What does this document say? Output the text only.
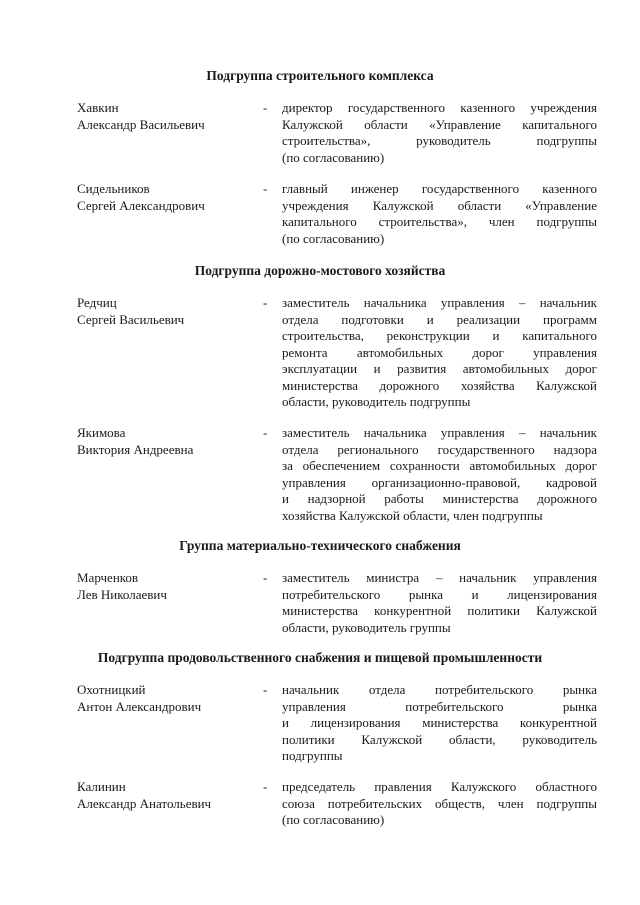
Подгруппа строительного комплекса
Хавкин
Александр Васильевич
- директор государственного казенного учреждения
Калужской области «Управление капитального
строительства», руководитель подгруппы
(по согласованию)
Сидельников
Сергей Александрович
- главный инженер государственного казенного
учреждения Калужской области «Управление
капитального строительства», член подгруппы
(по согласованию)
Подгруппа дорожно-мостового хозяйства
Редчиц
Сергей Васильевич
- заместитель начальника управления – начальник
отдела подготовки и реализации программ
строительства, реконструкции и капитального
ремонта автомобильных дорог управления
эксплуатации и развития автомобильных дорог
министерства дорожного хозяйства Калужской
области, руководитель подгруппы
Якимова
Виктория Андреевна
- заместитель начальника управления – начальник
отдела регионального государственного надзора
за обеспечением сохранности автомобильных дорог
управления организационно-правовой, кадровой
и надзорной работы министерства дорожного
хозяйства Калужской области, член подгруппы
Группа материально-технического снабжения
Марченков
Лев Николаевич
- заместитель министра – начальник управления
потребительского рынка и лицензирования
министерства конкурентной политики Калужской
области, руководитель группы
Подгруппа продовольственного снабжения и пищевой промышленности
Охотницкий
Антон Александрович
- начальник отдела потребительского рынка
управления потребительского рынка
и лицензирования министерства конкурентной
политики Калужской области, руководитель
подгруппы
Калинин
Александр Анатольевич
- председатель правления Калужского областного
союза потребительских обществ, член подгруппы
(по согласованию)
